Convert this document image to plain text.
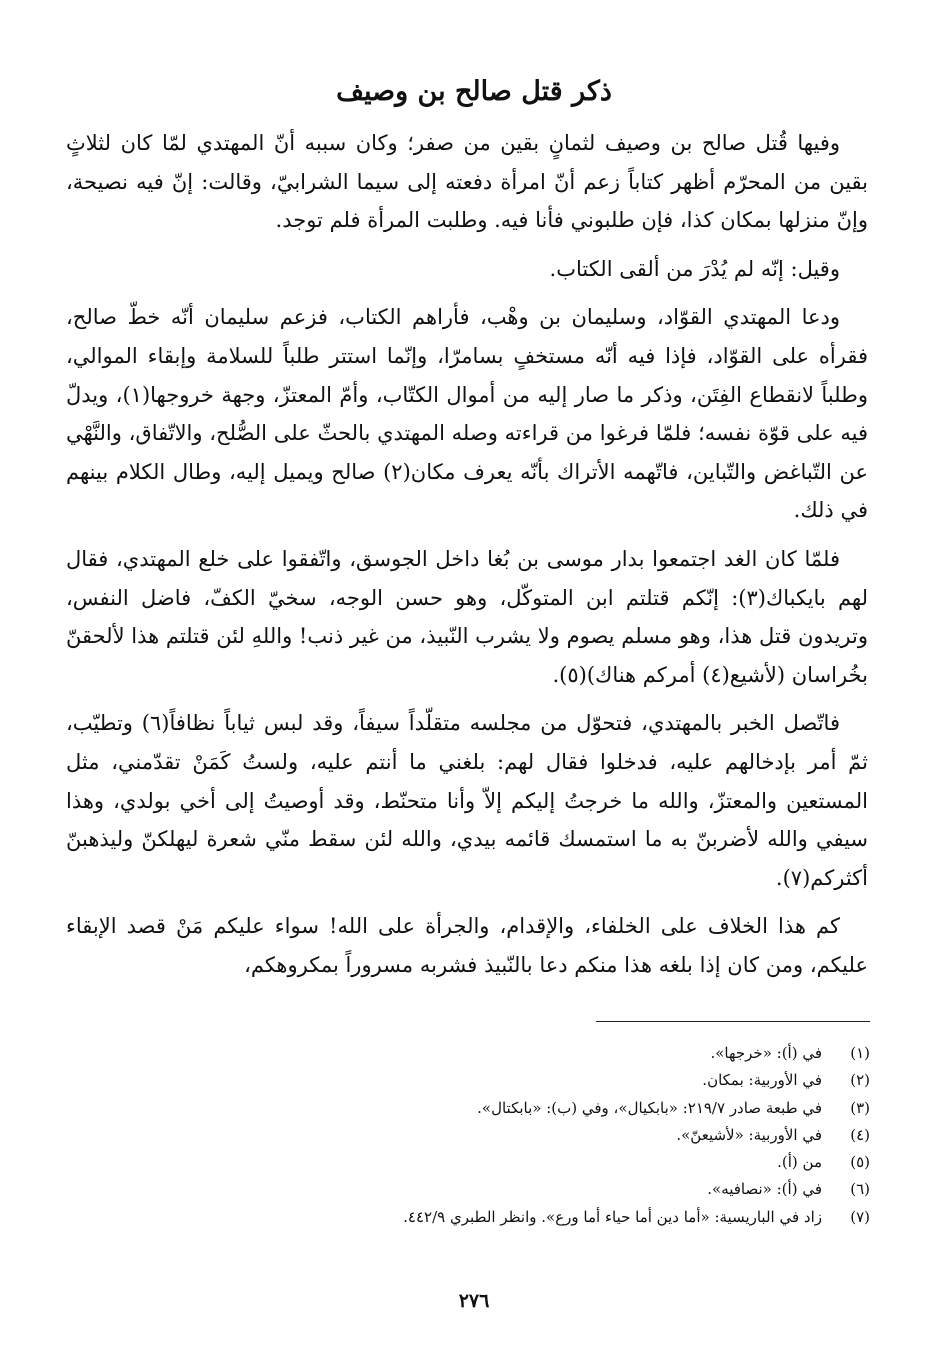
ذكر قتل صالح بن وصيف

وفيها قُتل صالح بن وصيف لثمانٍ بقين من صفر؛ وكان سببه أنّ المهتدي لمّا كان لثلاثٍ بقين من المحرّم أظهر كتاباً زعم أنّ امرأة دفعته إلى سيما الشرابيّ، وقالت: إنّ فيه نصيحة، وإنّ منزلها بمكان كذا، فإن طلبوني فأنا فيه. وطلبت المرأة فلم توجد.

وقيل: إنّه لم يُدْرَ من ألقى الكتاب.

ودعا المهتدي القوّاد، وسليمان بن وهْب، فأراهم الكتاب، فزعم سليمان أنّه خطّ صالح، فقرأه على القوّاد، فإذا فيه أنّه مستخفٍ بسامرّا، وإنّما استتر طلباً للسلامة وإبقاء الموالي، وطلباً لانقطاع الفِتَن، وذكر ما صار إليه من أموال الكتّاب، وأمّ المعتزّ، وجهة خروجها(١)، ويدلّ فيه على قوّة نفسه؛ فلمّا فرغوا من قراءته وصله المهتدي بالحثّ على الصُّلح، والاتّفاق، والنَّهْي عن التّباغض والتّباين، فاتّهمه الأتراك بأنّه يعرف مكان(٢) صالح ويميل إليه، وطال الكلام بينهم في ذلك.

فلمّا كان الغد اجتمعوا بدار موسى بن بُغا داخل الجوسق، واتّفقوا على خلع المهتدي، فقال لهم بايكباك(٣): إنّكم قتلتم ابن المتوكّل، وهو حسن الوجه، سخيّ الكفّ، فاضل النفس، وتريدون قتل هذا، وهو مسلم يصوم ولا يشرب النّبيذ، من غير ذنب! واللهِ لئن قتلتم هذا لألحقنّ بخُراسان (لأشيع(٤) أمركم هناك)(٥).

فاتّصل الخبر بالمهتدي، فتحوّل من مجلسه متقلّداً سيفاً، وقد لبس ثياباً نظافاً(٦) وتطيّب، ثمّ أمر بإدخالهم عليه، فدخلوا فقال لهم: بلغني ما أنتم عليه، ولستُ كَمَنْ تقدّمني، مثل المستعين والمعتزّ، والله ما خرجتُ إليكم إلاّ وأنا متحنّط، وقد أوصيتُ إلى أخي بولدي، وهذا سيفي والله لأضربنّ به ما استمسك قائمه بيدي، والله لئن سقط منّي شعرة ليهلكنّ وليذهبنّ أكثركم(٧).

كم هذا الخلاف على الخلفاء، والإقدام، والجرأة على الله! سواء عليكم مَنْ قصد الإبقاء عليكم، ومن كان إذا بلغه هذا منكم دعا بالنّبيذ فشربه مسروراً بمكروهكم،

(١)
في (أ): «خرجها».
(٢)
في الأوربية: بمكان.
(٣)
في طبعة صادر ٢١٩/٧: «بابكيال»، وفي (ب): «بابكتال».
(٤)
في الأوربية: «لأشيعنّ».
(٥)
من (أ).
(٦)
في (أ): «نصافيه».
(٧)
زاد في الباريسية: «أما دين أما حياء أما ورع». وانظر الطبري ٤٤٢/٩.
٢٧٦
